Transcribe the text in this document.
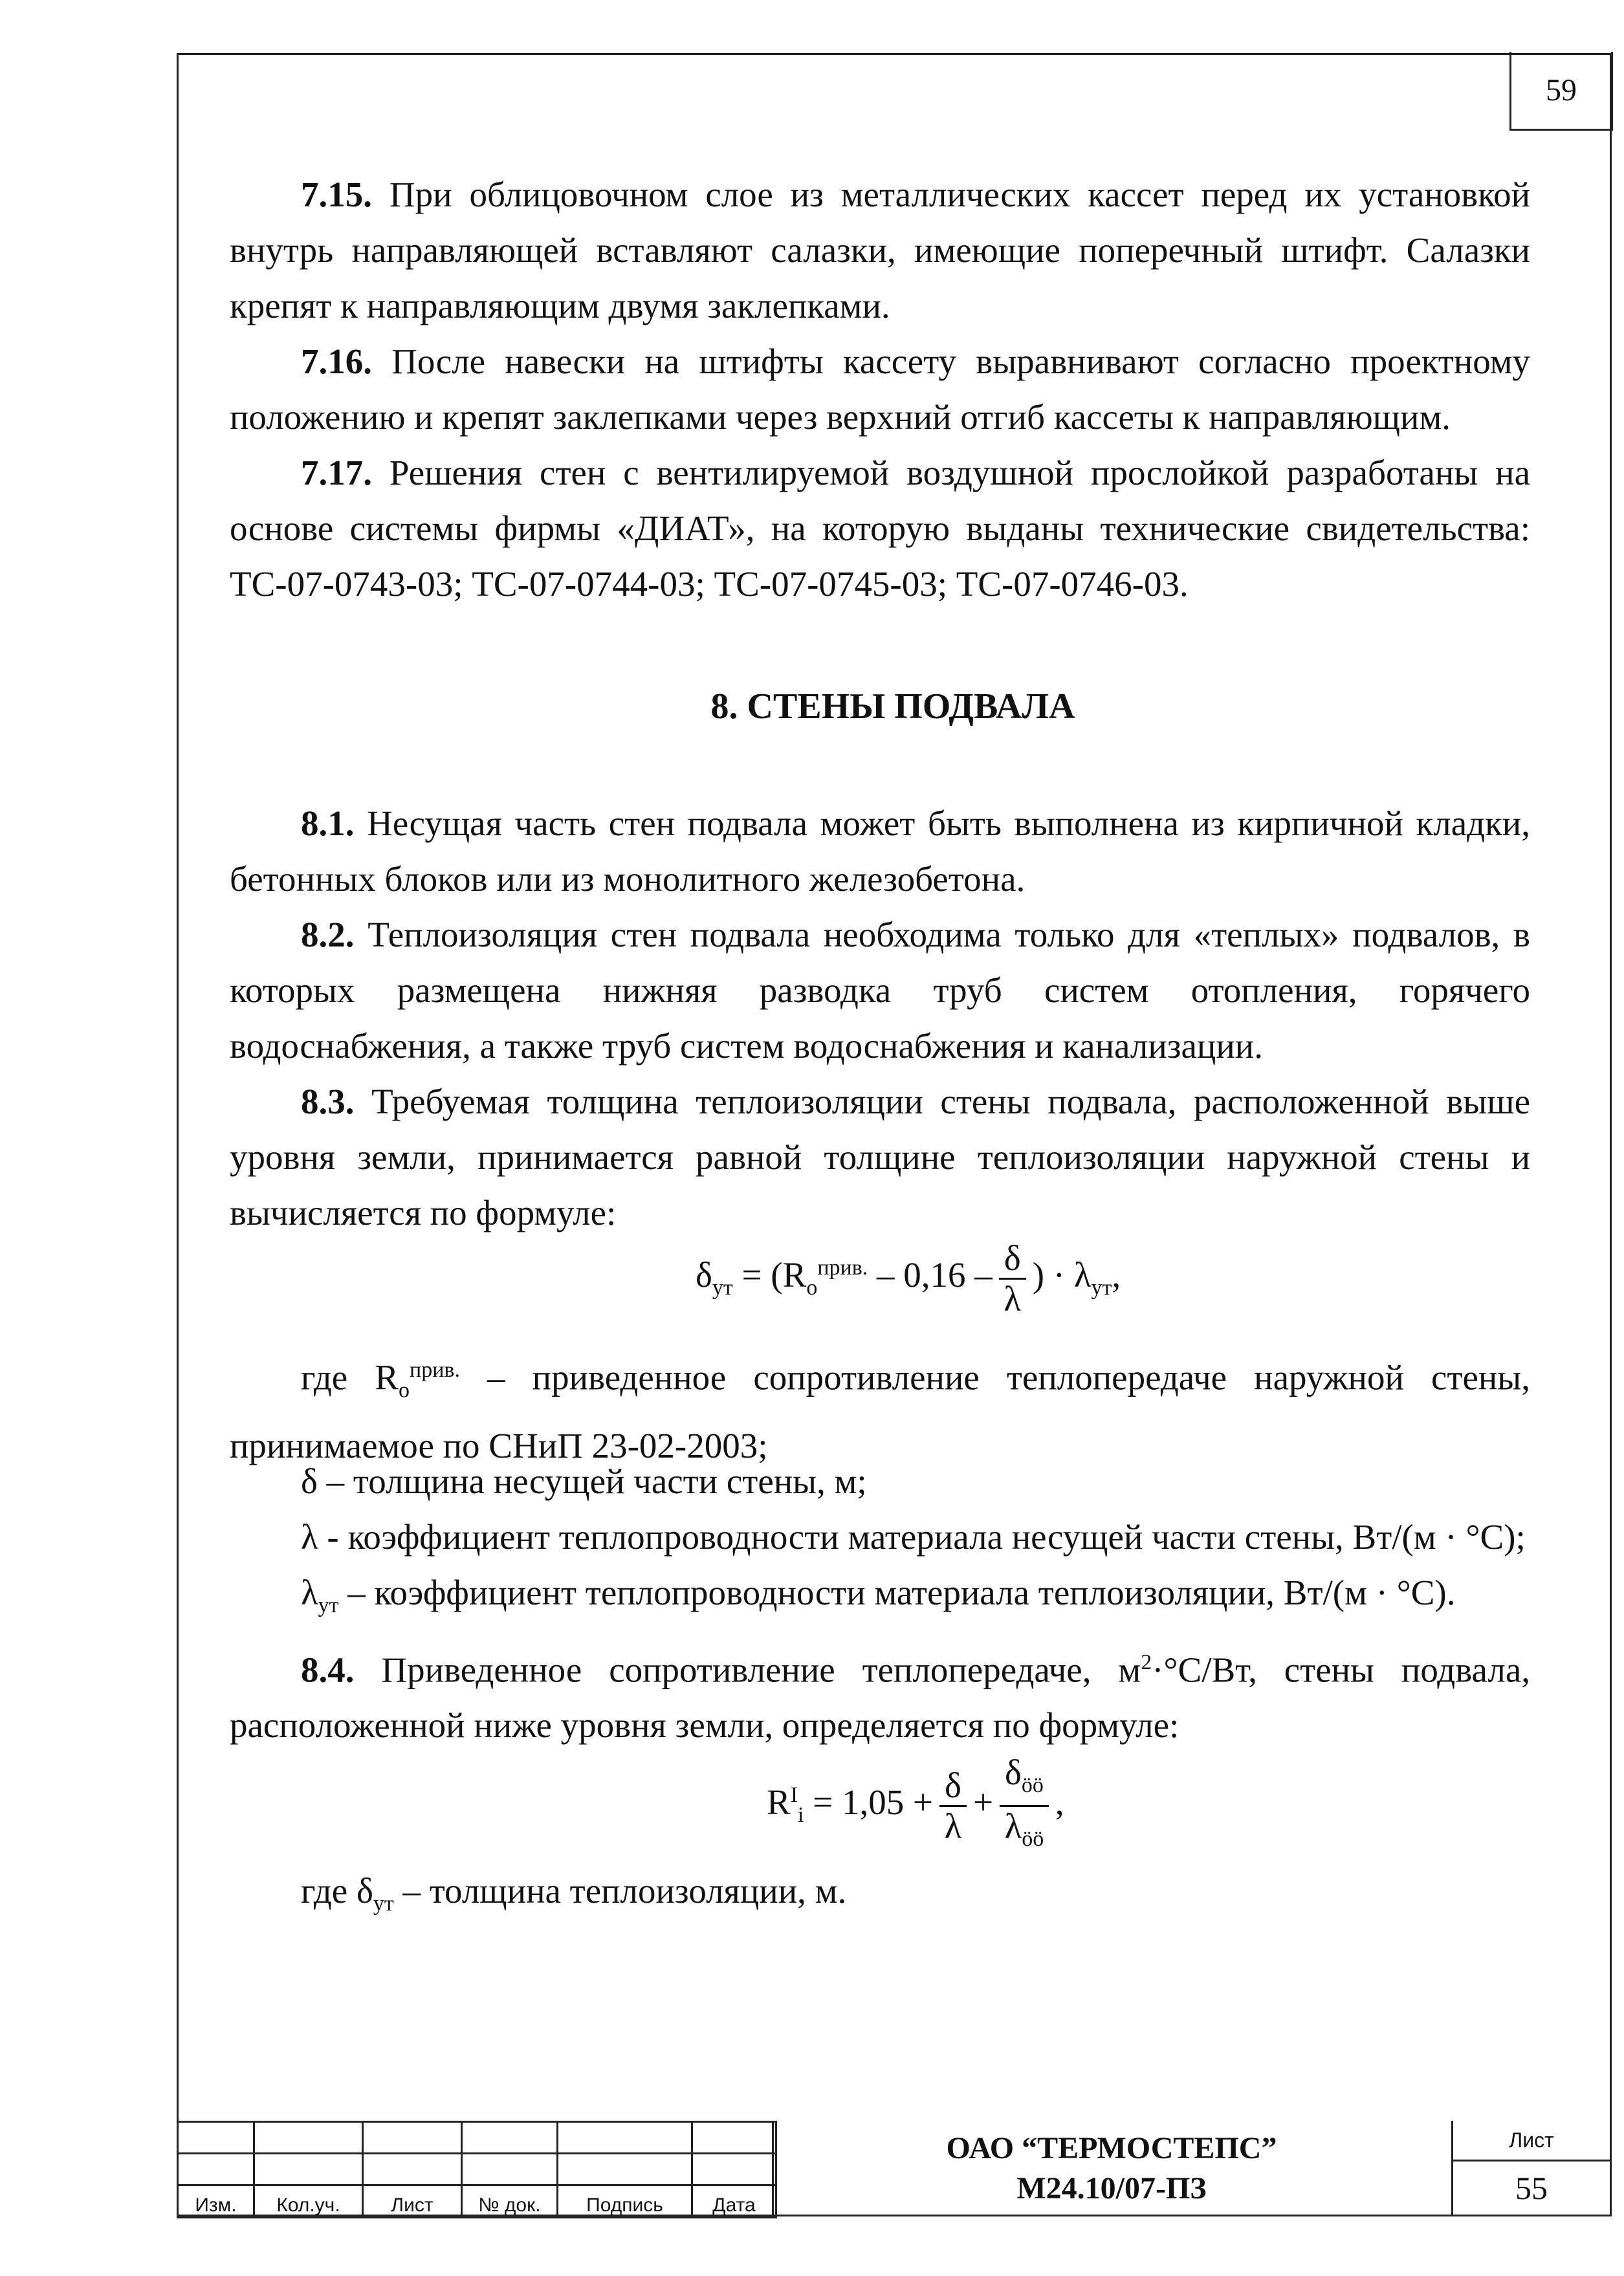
59

7.15. При облицовочном слое из металлических кассет перед их установкой внутрь направляющей вставляют салазки, имеющие поперечный штифт. Салазки крепят к направляющим двумя заклепками.

7.16. После навески на штифты кассету выравнивают согласно проектному положению и крепят заклепками через верхний отгиб кассеты к направляющим.

7.17. Решения стен с вентилируемой воздушной прослойкой разработаны на основе системы фирмы «ДИАТ», на которую выданы технические свидетельства: ТС-07-0743-03; ТС-07-0744-03; ТС-07-0745-03; ТС-07-0746-03.

8. СТЕНЫ ПОДВАЛА

8.1. Несущая часть стен подвала может быть выполнена из кирпичной кладки, бетонных блоков или из монолитного железобетона.

8.2. Теплоизоляция стен подвала необходима только для «теплых» подвалов, в которых размещена нижняя разводка труб систем отопления, горячего водоснабжения, а также труб систем водоснабжения и канализации.

8.3. Требуемая толщина теплоизоляции стены подвала, расположенной выше уровня земли, принимается равной толщине теплоизоляции наружной стены и вычисляется по формуле:

$\delta_{ут} = (R_o^{прив.} - 0,16 - \frac{\delta}{\lambda}$ ) · $\lambda_{ут}$,

где $R_o^{прив.}$ – приведенное сопротивление теплопередаче наружной стены, принимаемое по СНиП 23-02-2003;

δ – толщина несущей части стены, м;

λ - коэффициент теплопроводности материала несущей части стены, Вт/(м · °С);

$\lambda_{ут}$ – коэффициент теплопроводности материала теплоизоляции, Вт/(м · °С).

8.4. Приведенное сопротивление теплопередаче, $м^2\cdot^\circ С/Вт$, стены подвала, расположенной ниже уровня земли, определяется по формуле:

$R^I_i = 1,05 + \frac{\delta}{\lambda} + \frac{\delta_{öö}}{\lambda_{öö}}$ ,

где $\delta_{ут}$ – толщина теплоизоляции, м.

Изм.	Кол.уч.	Лист	№ док.	Подпись	Дата
ОАО “ТЕРМОСТЕПС”
М24.10/07-ПЗ
Лист
55
